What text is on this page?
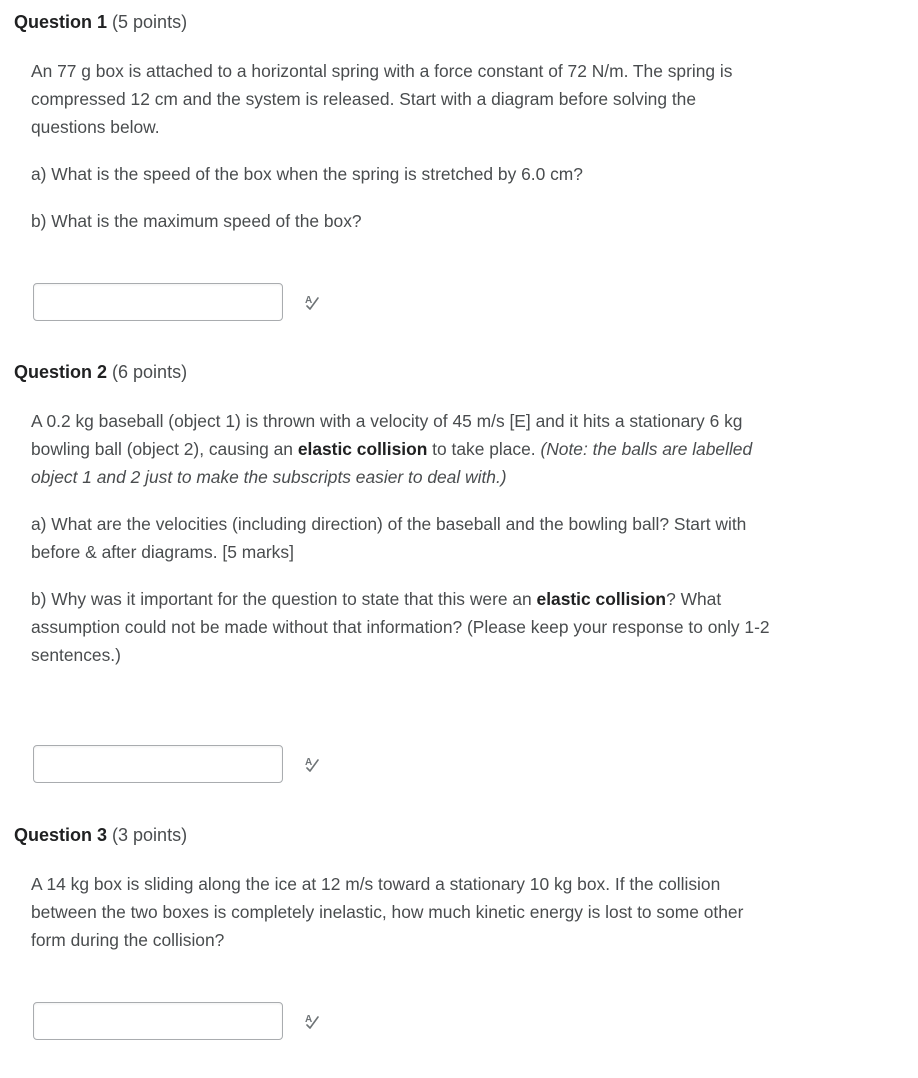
Question 1 (5 points)

An 77 g box is attached to a horizontal spring with a force constant of 72 N/m. The spring is compressed 12 cm and the system is released. Start with a diagram before solving the questions below.

a) What is the speed of the box when the spring is stretched by 6.0 cm?

b) What is the maximum speed of the box?

A
Question 2 (6 points)

A 0.2 kg baseball (object 1) is thrown with a velocity of 45 m/s [E] and it hits a stationary 6 kg bowling ball (object 2), causing an elastic collision to take place. (Note: the balls are labelled object 1 and 2 just to make the subscripts easier to deal with.)

a) What are the velocities (including direction) of the baseball and the bowling ball? Start with before & after diagrams. [5 marks]

b) Why was it important for the question to state that this were an elastic collision? What assumption could not be made without that information? (Please keep your response to only 1-2 sentences.)

A
Question 3 (3 points)

A 14 kg box is sliding along the ice at 12 m/s toward a stationary 10 kg box. If the collision between the two boxes is completely inelastic, how much kinetic energy is lost to some other form during the collision?

A
